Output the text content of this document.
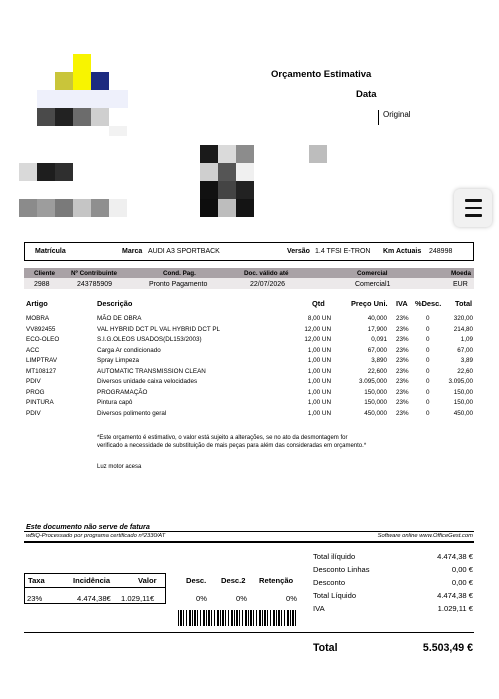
Orçamento Estimativa
Data
Original
Matrícula	Marca AUDI A3 SPORTBACK	Versão 1.4 TFSI E-TRON Km Actuais 248998
Cliente	Nº Contribuinte	Cond. Pag.	Doc. válido até	Comercial	Moeda
2988	243785909	Pronto Pagamento	22/07/2026	Comercial1	EUR
Artigo	Descrição	Qtd	Preço Uni. IVA %Desc. Total
MOBRA	MÃO DE OBRA	8,00 UN	40,000 23%	0	320,00
VV892455	VAL HYBRID DCT PL VAL HYBRID DCT PL	12,00 UN	17,900 23%	0	214,80
ECO-OLEO	S.I.G.OLEOS USADOS(DL153/2003)	12,00 UN	0,091 23%	0	1,09
ACC	Carga Ar condicionado	1,00 UN	67,000 23%	0	67,00
LIMPTRAV	Spray Limpeza	1,00 UN	3,890 23%	0	3,89
MT108127	AUTOMATIC TRANSMISSION CLEAN	1,00 UN	22,600 23%	0	22,60
PDIV	Diversos unidade caixa velocidades	1,00 UN	3.095,000 23%	0	3.095,00
PROG	PROGRAMAÇÃO	1,00 UN	150,000 23%	0	150,00
PINTURA	Pintura capô	1,00 UN	150,000 23%	0	150,00
PDIV	Diversos polimento geral	1,00 UN	450,000 23%	0	450,00
*Este orçamento é estimativo, o valor está sujeito a alterações, se no ato da desmontagem for
verificado a necessidade de substituição de mais peças para além das consideradas em orçamento.*
Luz motor acesa
Este documento não serve de fatura
wBiQ-Processado por programa certificado nº2330/AT	Software online www.OfficeGest.com
Total ilíquido	4.474,38 €
Desconto Linhas	0,00 €
Desconto	0,00 €
Total Líquido	4.474,38 €
IVA	1.029,11 €
Taxa	Incidência	Valor
23%	4.474,38€ 1.029,11€
Desc. Desc.2 Retenção
0%	0%	0%
Total	5.503,49 €
